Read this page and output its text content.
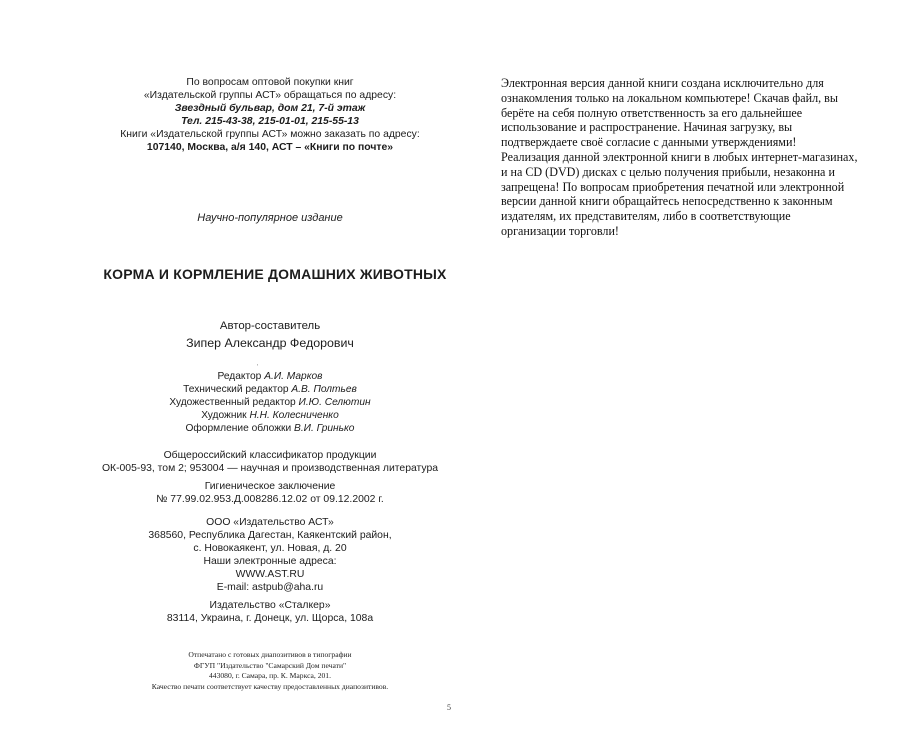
По вопросам оптовой покупки книг
«Издательской группы АСТ» обращаться по адресу:
Звездный бульвар, дом 21, 7-й этаж
Тел. 215-43-38, 215-01-01, 215-55-13
Книги «Издательской группы АСТ» можно заказать по адресу:
107140, Москва, а/я 140, АСТ – «Книги по почте»
Научно-популярное издание
КОРМА И КОРМЛЕНИЕ ДОМАШНИХ ЖИВОТНЫХ
Автор-составитель
Зипер Александр Федорович
ˌ
Редактор А.И. Марков
Технический редактор А.В. Полтьев
Художественный редактор И.Ю. Селютин
Художник Н.Н. Колесниченко
Оформление обложки В.И. Гринько
Общероссийский классификатор продукции
ОК-005-93, том 2; 953004 — научная и производственная литература
Гигиеническое заключение
№ 77.99.02.953.Д.008286.12.02 от 09.12.2002 г.
ООО «Издательство АСТ»
368560, Республика Дагестан, Каякентский район,
с. Новокаякент, ул. Новая, д. 20
Наши электронные адреса:
WWW.AST.RU
E-mail: astpub@aha.ru
Издательство «Сталкер»
83114, Украина, г. Донецк, ул. Щорса, 108а
Отпечатано с готовых диапозитивов в типографии
ФГУП "Издательство "Самарский Дом печати"
443080, г. Самара, пр. К. Маркса, 201.
Качество печати соответствует качеству предоставленных диапозитивов.
5
Электронная версия данной книги создана исключительно для
ознакомления только на локальном компьютере! Скачав файл, вы
берёте на себя полную ответственность за его дальнейшее
использование и распространение. Начиная загрузку, вы
подтверждаете своё согласие с данными утверждениями!
Реализация данной электронной книги в любых интернет-магазинах,
и на CD (DVD) дисках с целью получения прибыли, незаконна и
запрещена! По вопросам приобретения печатной или электронной
версии данной книги обращайтесь непосредственно к законным
издателям, их представителям, либо в соответствующие
организации торговли!
